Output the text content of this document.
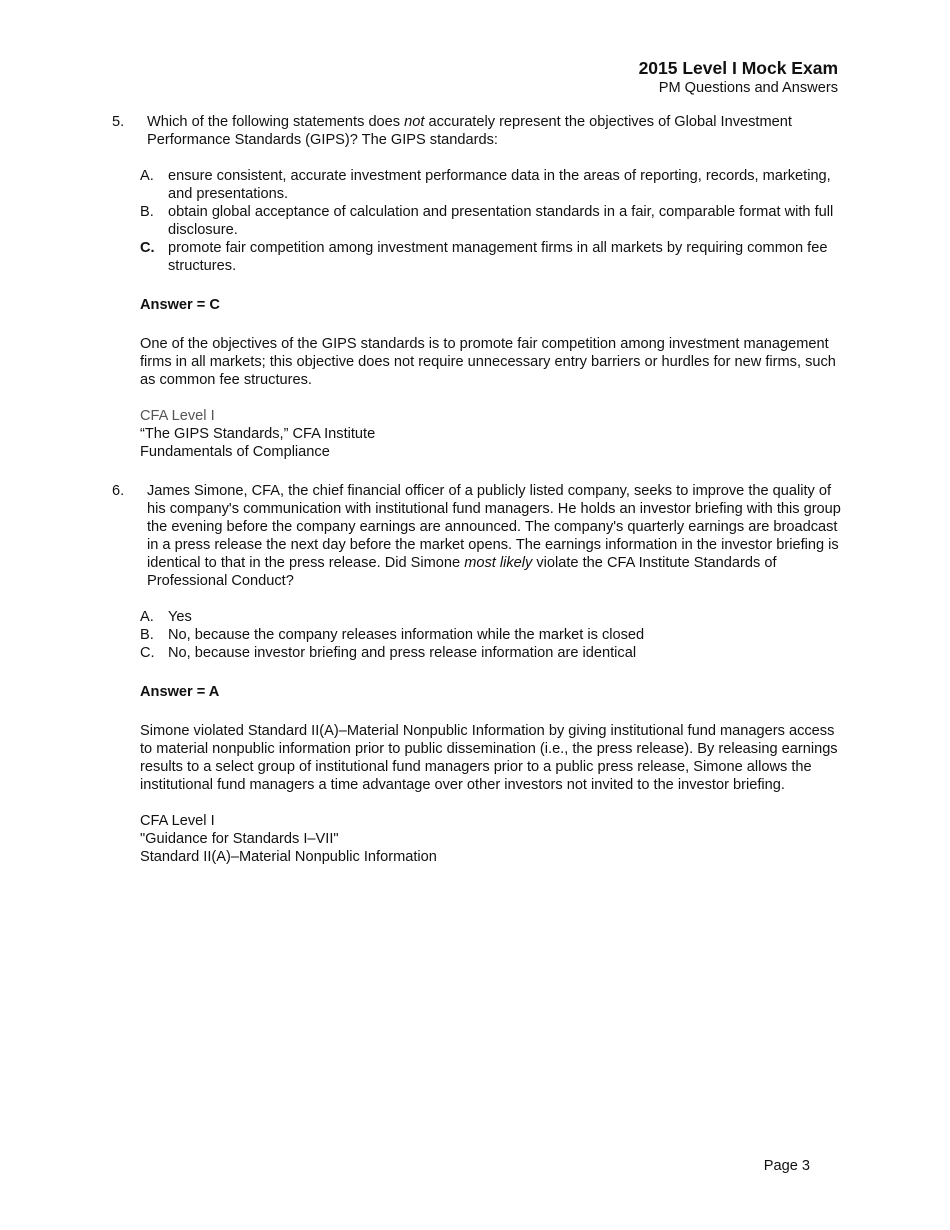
2015 Level I Mock Exam
PM Questions and Answers
5. Which of the following statements does not accurately represent the objectives of Global Investment Performance Standards (GIPS)? The GIPS standards:
A. ensure consistent, accurate investment performance data in the areas of reporting, records, marketing, and presentations.
B. obtain global acceptance of calculation and presentation standards in a fair, comparable format with full disclosure.
C. promote fair competition among investment management firms in all markets by requiring common fee structures.
Answer = C
One of the objectives of the GIPS standards is to promote fair competition among investment management firms in all markets; this objective does not require unnecessary entry barriers or hurdles for new firms, such as common fee structures.
CFA Level I
“The GIPS Standards,” CFA Institute
Fundamentals of Compliance
6. James Simone, CFA, the chief financial officer of a publicly listed company, seeks to improve the quality of his company's communication with institutional fund managers. He holds an investor briefing with this group the evening before the company earnings are announced. The company's quarterly earnings are broadcast in a press release the next day before the market opens. The earnings information in the investor briefing is identical to that in the press release. Did Simone most likely violate the CFA Institute Standards of Professional Conduct?
A. Yes
B. No, because the company releases information while the market is closed
C. No, because investor briefing and press release information are identical
Answer = A
Simone violated Standard II(A)–Material Nonpublic Information by giving institutional fund managers access to material nonpublic information prior to public dissemination (i.e., the press release). By releasing earnings results to a select group of institutional fund managers prior to a public press release, Simone allows the institutional fund managers a time advantage over other investors not invited to the investor briefing.
CFA Level I
"Guidance for Standards I–VII"
Standard II(A)–Material Nonpublic Information
Page 3
